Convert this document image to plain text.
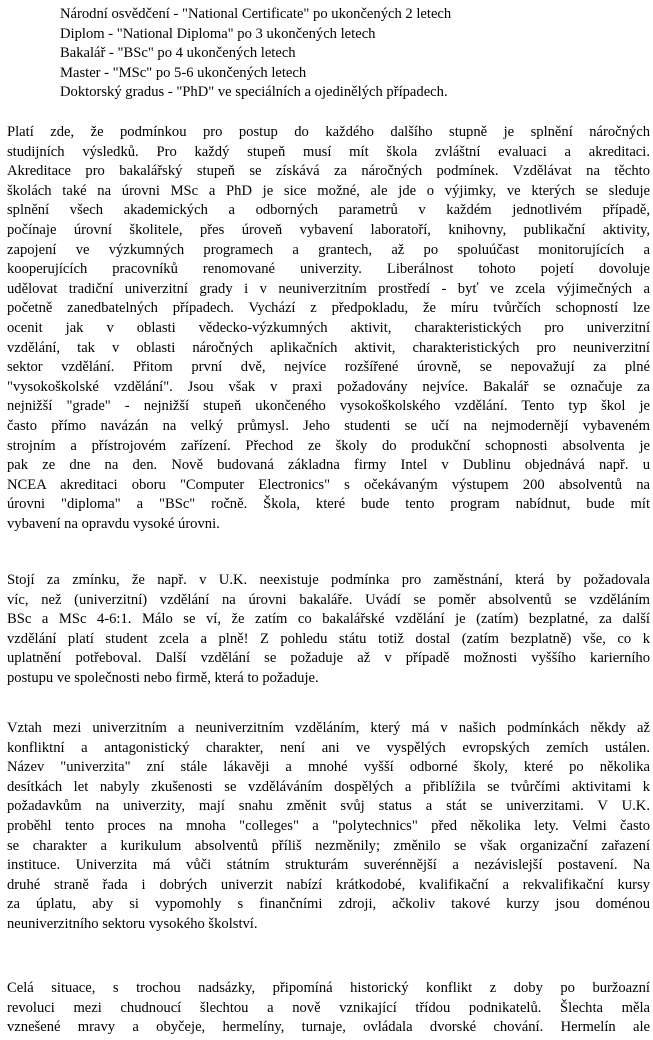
Národní osvědčení - "National Certificate" po ukončených 2 letech
Diplom - "National Diploma" po 3 ukončených letech
Bakalář - "BSc" po 4 ukončených letech
Master - "MSc" po 5-6 ukončených letech
Doktorský gradus - "PhD" ve speciálních a ojedinělých případech.
Platí zde, že podmínkou pro postup do každého dalšího stupně je splnění náročných
studijních výsledků. Pro každý stupeň musí mít škola zvláštní evaluaci a akreditaci.
Akreditace pro bakalářský stupeň se získává za náročných podmínek. Vzdělávat na těchto
školách také na úrovni MSc a PhD je sice možné, ale jde o výjimky, ve kterých se sleduje
splnění všech akademických a odborných parametrů v každém jednotlivém případě,
počínaje úrovní školitele, přes úroveň vybavení laboratoří, knihovny, publikační aktivity,
zapojení ve výzkumných programech a grantech, až po spoluúčast monitorujících a
kooperujících pracovníků renomované univerzity. Liberálnost tohoto pojetí dovoluje
udělovat tradiční univerzitní grady i v neuniverzitním prostředí - byť ve zcela výjimečných a
početně zanedbatelných případech. Vychází z předpokladu, že míru tvůrčích schopností lze
ocenit jak v oblasti vědecko-výzkumných aktivit, charakteristických pro univerzitní
vzdělání, tak v oblasti náročných aplikačních aktivit, charakteristických pro neuniverzitní
sektor vzdělání. Přitom první dvě, nejvíce rozšířené úrovně, se nepovažují za plné
"vysokoškolské vzdělání". Jsou však v praxi požadovány nejvíce. Bakalář se označuje za
nejnižší "grade" - nejnižší stupeň ukončeného vysokoškolského vzdělání. Tento typ škol je
často přímo navázán na velký průmysl. Jeho studenti se učí na nejmodernějí vybaveném
strojním a přístrojovém zařízení. Přechod ze školy do produkční schopnosti absolventa je
pak ze dne na den. Nově budovaná základna firmy Intel v Dublinu objednává např. u
NCEA akreditaci oboru "Computer Electronics" s očekávaným výstupem 200 absolventů na
úrovni "diploma" a "BSc" ročně. Škola, které bude tento program nabídnut, bude mít
vybavení na opravdu vysoké úrovni.
Stojí za zmínku, že např. v U.K. neexistuje podmínka pro zaměstnání, která by požadovala
víc, než (univerzitní) vzdělání na úrovni bakaláře. Uvádí se poměr absolventů se vzděláním
BSc a MSc 4-6:1. Málo se ví, že zatím co bakalářské vzdělání je (zatím) bezplatné, za další
vzdělání platí student zcela a plně! Z pohledu státu totiž dostal (zatím bezplatně) vše, co k
uplatnění potřeboval. Další vzdělání se požaduje až v případě možnosti vyššího karierního
postupu ve společnosti nebo firmě, která to požaduje.
Vztah mezi univerzitním a neuniverzitním vzděláním, který má v našich podmínkách někdy až
konfliktní a antagonistický charakter, není ani ve vyspělých evropských zemích ustálen.
Název "univerzita" zní stále lákavěji a mnohé vyšší odborné školy, které po několika
desítkách let nabyly zkušenosti se vzděláváním dospělých a přiblížila se tvůrčími aktivitami k
požadavkům na univerzity, mají snahu změnit svůj status a stát se univerzitami. V U.K.
proběhl tento proces na mnoha "colleges" a "polytechnics" před několika lety. Velmi často
se charakter a kurikulum absolventů příliš nezměnily; změnilo se však organizační zařazení
instituce. Univerzita má vůči státním strukturám suverénnější a nezávislejší postavení. Na
druhé straně řada i dobrých univerzit nabízí krátkodobé, kvalifikační a rekvalifikační kursy
za úplatu, aby si vypomohly s finančními zdroji, ačkoliv takové kurzy jsou doménou
neuniverzitního sektoru vysokého školství.
Celá situace, s trochou nadsázky, připomíná historický konflikt z doby po buržoazní
revoluci mezi chudnoucí šlechtou a nově vznikající třídou podnikatelů. Šlechta měla
vznešené mravy a obyčeje, hermelíny, turnaje, ovládala dvorské chování. Hermelín ale
